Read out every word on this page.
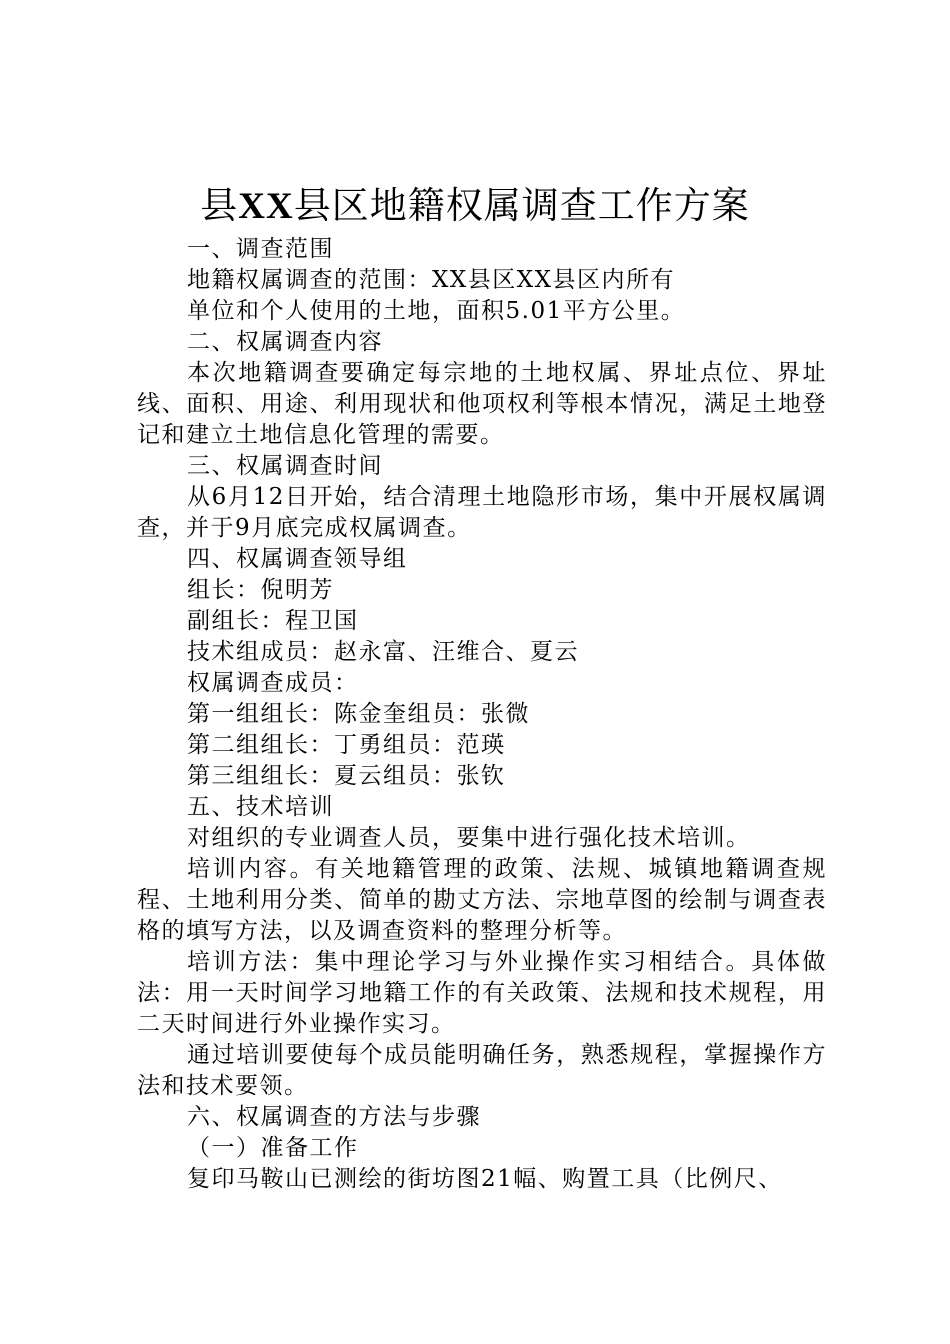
县XX县区地籍权属调查工作方案

一、调查范围

地籍权属调查的范围：XX县区XX县区内所有

单位和个人使用的土地，面积5.01平方公里。

二、权属调查内容

本次地籍调查要确定每宗地的土地权属、界址点位、界址线、面积、用途、利用现状和他项权利等根本情况，满足土地登记和建立土地信息化管理的需要。

三、权属调查时间

从6月12日开始，结合清理土地隐形市场，集中开展权属调查，并于9月底完成权属调查。

四、权属调查领导组

组长：倪明芳

副组长：程卫国

技术组成员：赵永富、汪维合、夏云

权属调查成员：

第一组组长：陈金奎组员：张微

第二组组长：丁勇组员：范瑛

第三组组长：夏云组员：张钦

五、技术培训

对组织的专业调查人员，要集中进行强化技术培训。

培训内容。有关地籍管理的政策、法规、城镇地籍调查规程、土地利用分类、简单的勘丈方法、宗地草图的绘制与调查表格的填写方法，以及调查资料的整理分析等。

培训方法：集中理论学习与外业操作实习相结合。具体做法：用一天时间学习地籍工作的有关政策、法规和技术规程，用二天时间进行外业操作实习。

通过培训要使每个成员能明确任务，熟悉规程，掌握操作方法和技术要领。

六、权属调查的方法与步骤

（一）准备工作

复印马鞍山已测绘的街坊图21幅、购置工具（比例尺、
